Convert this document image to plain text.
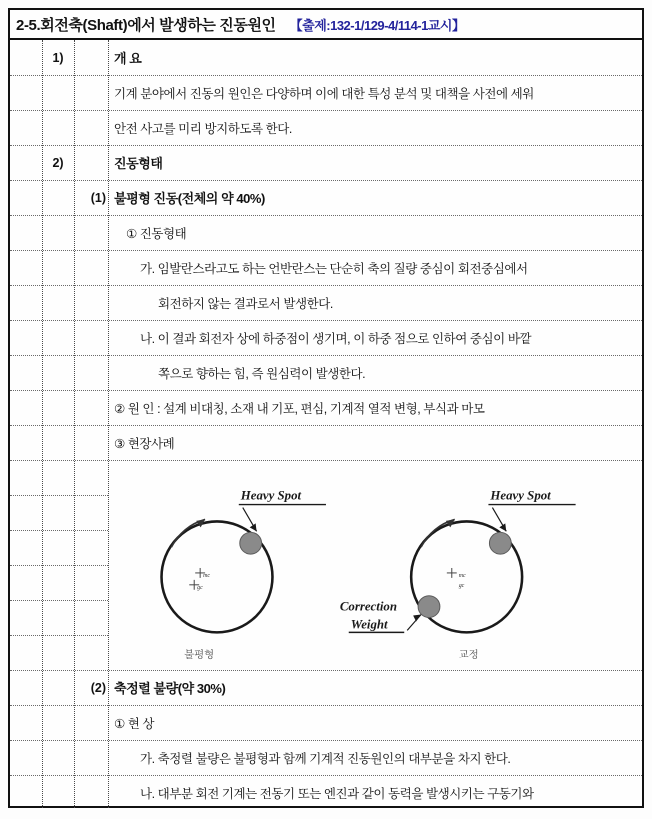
2-5.회전축(Shaft)에서 발생하는 진동원인 【출제:132-1/129-4/114-1교시】
1)	개 요
기계 분야에서 진동의 원인은 다양하며 이에 대한 특성 분석 및 대책을 사전에 세워
안전 사고를 미리 방지하도록 한다.
2)	진동형태
(1) 불평형 진동(전체의 약 40%)
① 진동형태
가. 임발란스라고도 하는 언반란스는 단순히 축의 질량 중심이 회전중심에서
회전하지 않는 결과로서 발생한다.
나. 이 결과 회전자 상에 하중점이 생기며, 이 하중 점으로 인하여 중심이 바깥
쪽으로 향하는 힘, 즉 원심력이 발생한다.
② 원 인 : 설계 비대칭, 소재 내 기포, 편심, 기계적 열적 변형, 부식과 마모
③ 현장사례
mc
gc
Heavy Spot
불평형
mc
gc
Heavy Spot
Correction
Weight
교정
(2) 축정렬 불량(약 30%)
① 현 상
가. 축정렬 불량은 불평형과 함께 기계적 진동원인의 대부분을 차지 한다.
나. 대부분 회전 기계는 전동기 또는 엔진과 같이 동력을 발생시키는 구동기와
